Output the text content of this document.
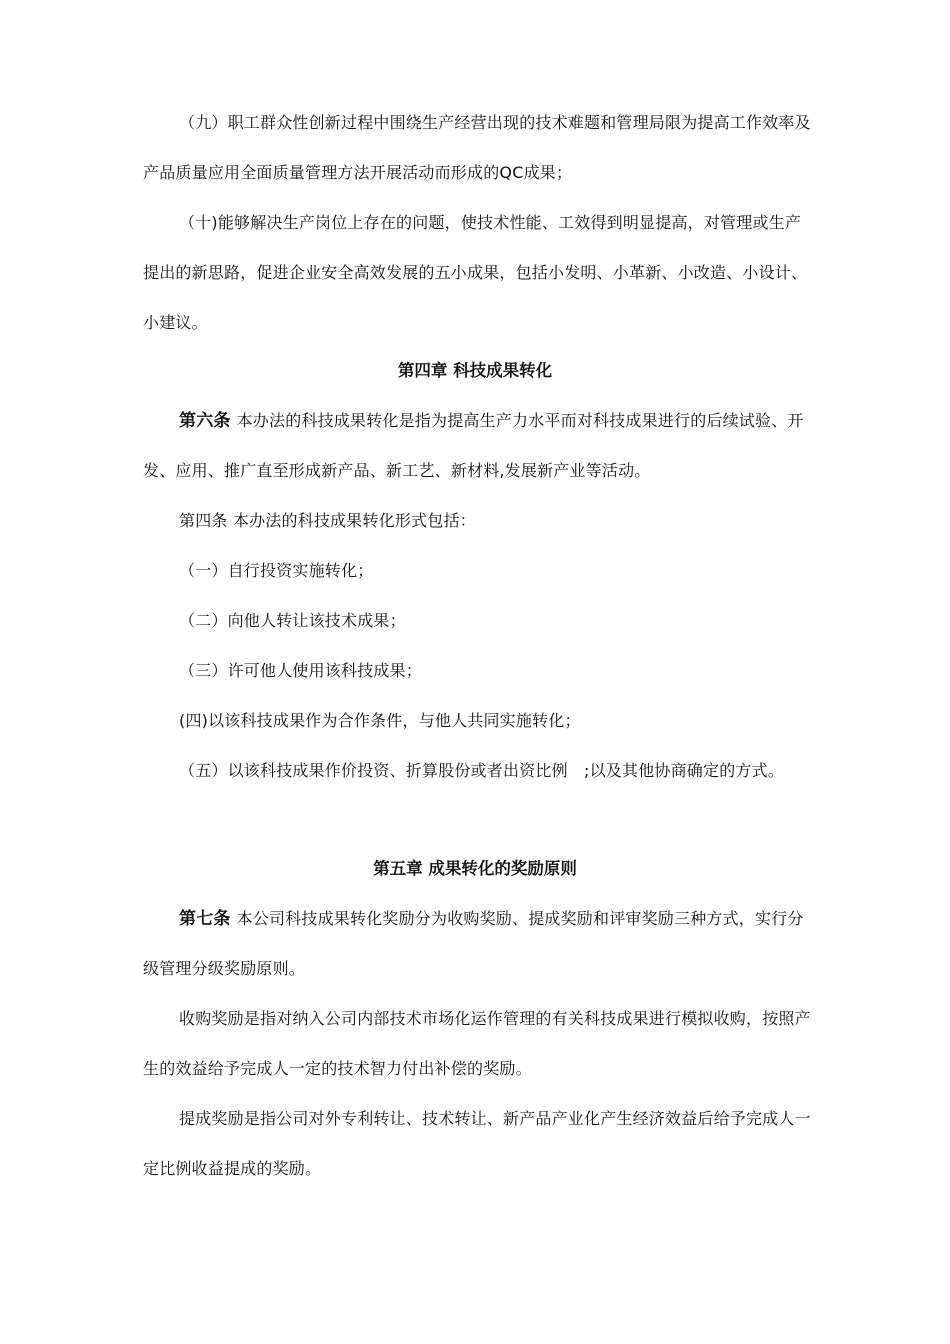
（九）职工群众性创新过程中围绕生产经营出现的技术难题和管理局限为提高工作效率及产品质量应用全面质量管理方法开展活动而形成的QC成果；

（十)能够解决生产岗位上存在的问题，使技术性能、工效得到明显提高，对管理或生产提出的新思路，促进企业安全高效发展的五小成果，包括小发明、小革新、小改造、小设计、小建议。

第四章 科技成果转化

第六条 本办法的科技成果转化是指为提高生产力水平而对科技成果进行的后续试验、开发、应用、推广直至形成新产品、新工艺、新材料,发展新产业等活动。

第四条 本办法的科技成果转化形式包括：

（一）自行投资实施转化；

（二）向他人转让该技术成果；

（三）许可他人使用该科技成果；

(四)以该科技成果作为合作条件，与他人共同实施转化；

（五）以该科技成果作价投资、折算股份或者出资比例　;以及其他协商确定的方式。

第五章 成果转化的奖励原则

第七条 本公司科技成果转化奖励分为收购奖励、提成奖励和评审奖励三种方式，实行分级管理分级奖励原则。

收购奖励是指对纳入公司内部技术市场化运作管理的有关科技成果进行模拟收购，按照产生的效益给予完成人一定的技术智力付出补偿的奖励。

提成奖励是指公司对外专利转让、技术转让、新产品产业化产生经济效益后给予完成人一定比例收益提成的奖励。
